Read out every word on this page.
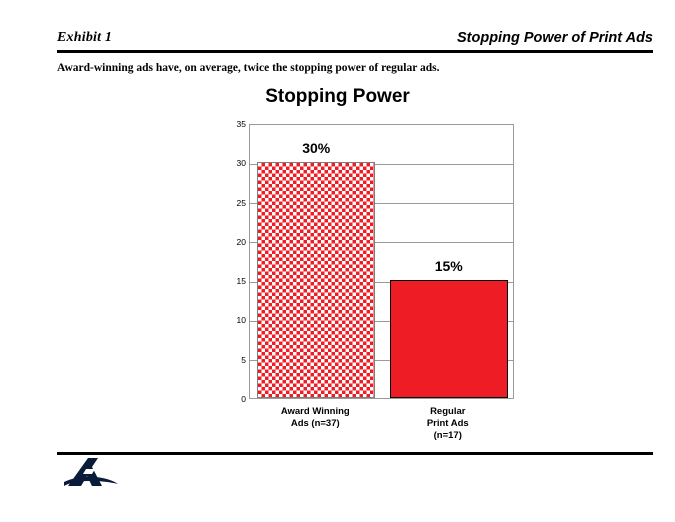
Exhibit 1	Stopping Power of Print Ads
Award-winning ads have, on average, twice the stopping power of regular ads.
Stopping Power
0
5
10
15
20
25
30
35
30%
15%
Award Winning
Ads (n=37)
Regular
Print Ads
(n=17)
